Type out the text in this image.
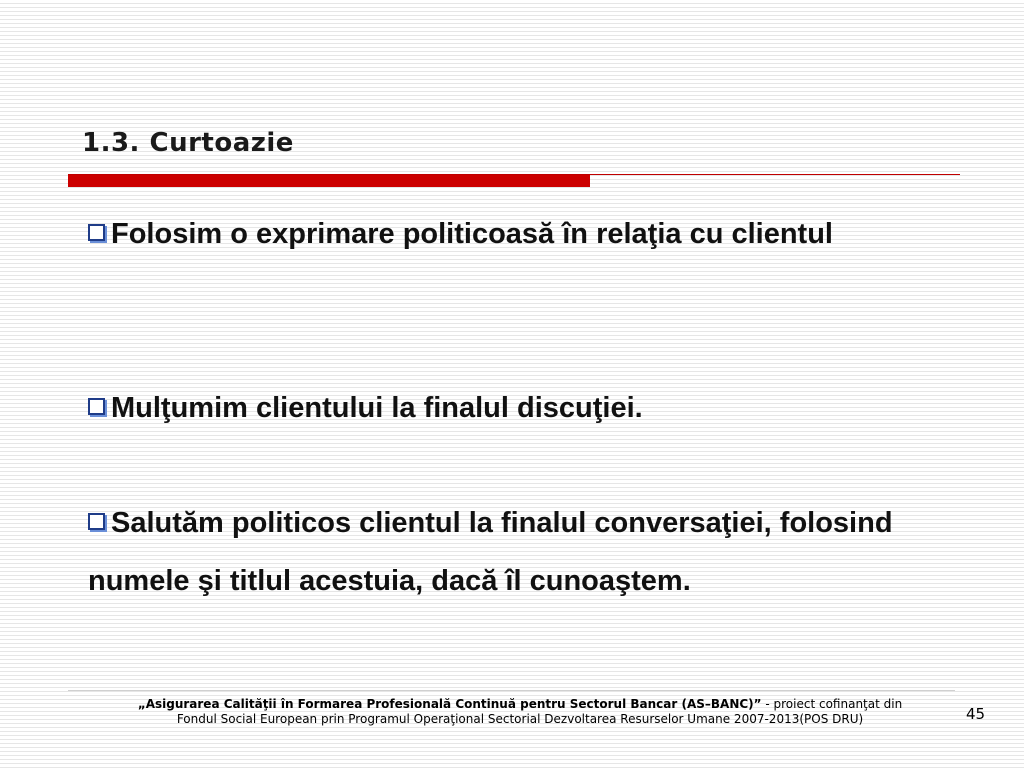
1.3. Curtoazie

Folosim o exprimare politicoasă în relaţia cu clientul

Mulţumim clientului la finalul discuţiei.

Salutăm politicos clientul la finalul conversaţiei, folosind numele şi titlul acestuia, dacă îl cunoaştem.

„Asigurarea Calităţii în Formarea Profesională Continuă pentru Sectorul Bancar (AS–BANC)” - proiect cofinanţat din
Fondul Social European prin Programul Operaţional Sectorial Dezvoltarea Resurselor Umane 2007-2013(POS DRU)	45
